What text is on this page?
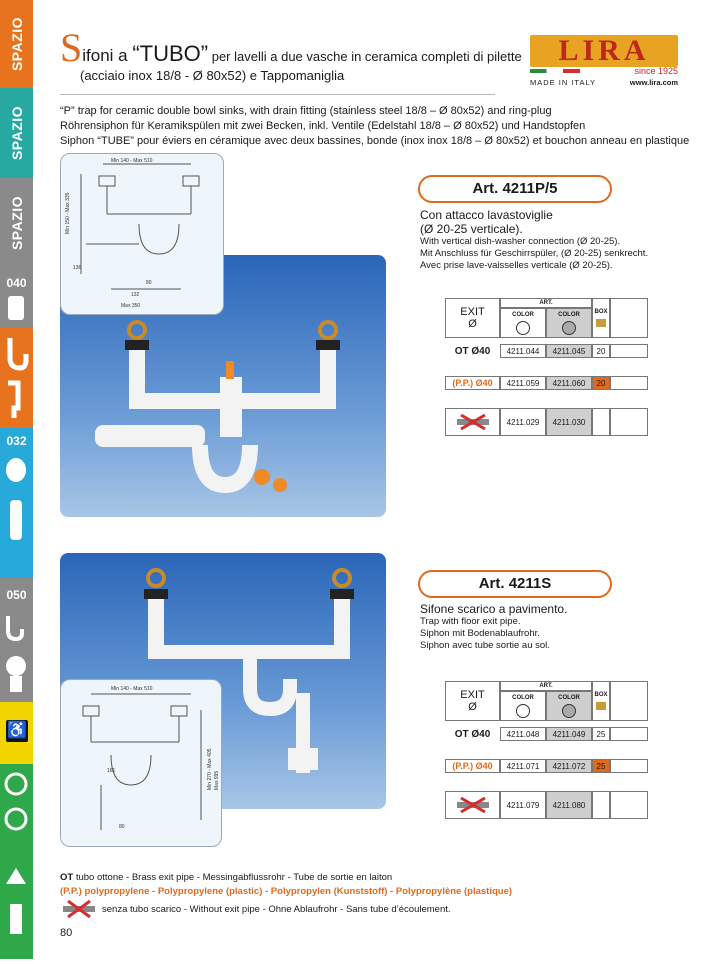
SPAZIO
SPAZIO
SPAZIO
040
032
050
♿
Sifoni a “TUBO” per lavelli a due vasche in ceramica completi di pilette
(acciaio inox 18/8 - Ø 80x52) e Tappomaniglia
LIRA
since 1925
MADE IN ITALY	www.lira.com
“P” trap for ceramic double bowl sinks, with drain fitting (stainless steel 18/8 – Ø 80x52) and ring-plug
Röhrensiphon für Keramikspülen mit zwei Becken, inkl. Ventile (Edelstahl 18/8 – Ø 80x52) und Handstopfen
Siphon “TUBE” pour éviers en céramique avec deux bassines, bonde (inox inox 18/8 – Ø 80x52) et bouchon anneau en plastique
Min 140 - Max 510
Min 150 - Max 335
136
80
132
Max 350
Art. 4211P/5
Con attacco lavastoviglie
(Ø 20-25 verticale).
With vertical dish-washer connection (Ø 20-25).
Mit Anschluss für Geschirrspüler, (Ø 20-25) senkrecht.
Avec prise lave-vaisselles verticale (Ø 20-25).
EXIT
Ø
ART.
COLOR	COLOR BOX
OT Ø40	4211.044	4211.045	20
(P.P.) Ø40	4211.059	4211.060	20
4211.029	4211.030
Min 140 - Max 510
Min 270 - Max 405 Max 995
161
80
Art. 4211S
Sifone scarico a pavimento.
Trap with floor exit pipe.
Siphon mit Bodenablaufrohr.
Siphon avec tube sortie au sol.
EXIT
Ø
ART.
COLOR	COLOR BOX
OT Ø40	4211.048	4211.049	25
(P.P.) Ø40	4211.071	4211.072	25
4211.079	4211.080
OT tubo ottone - Brass exit pipe - Messingabflussrohr - Tube de sortie en laiton
(P.P.) polypropylene - Polypropylene (plastic) - Polypropylen (Kunststoff) - Polypropylène (plastique)
senza tubo scarico - Without exit pipe - Ohne Ablaufrohr - Sans tube d’écoulement.
80
